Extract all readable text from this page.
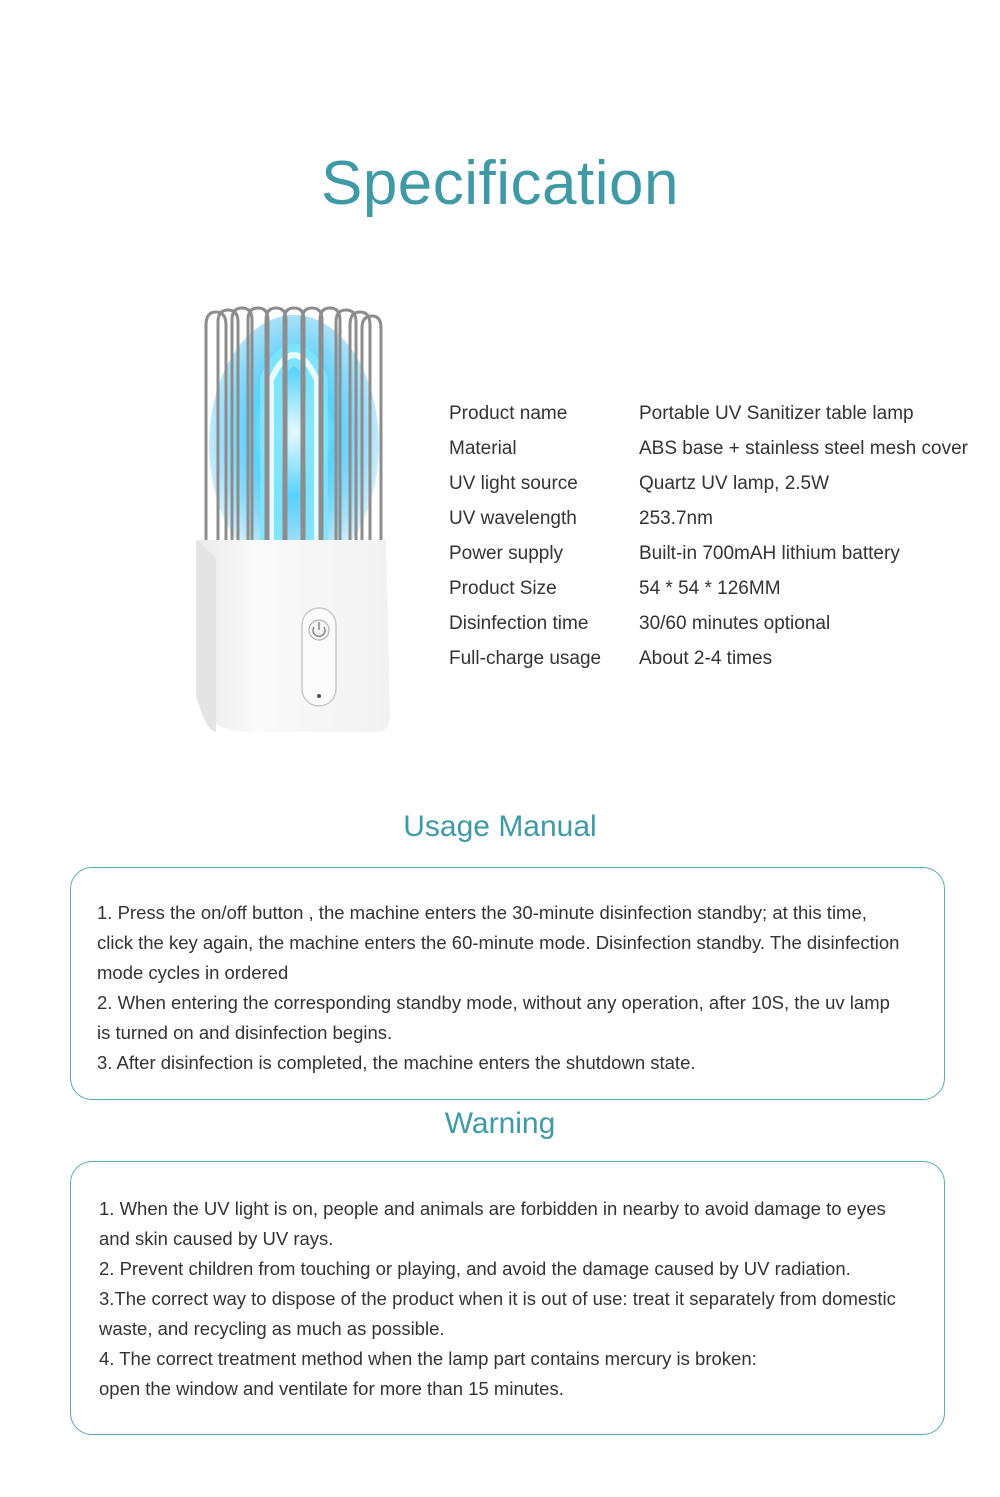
Specification
Product name	Portable UV Sanitizer table lamp
Material	ABS base + stainless steel mesh cover
UV light source	Quartz UV lamp, 2.5W
UV wavelength	253.7nm
Power supply	Built-in 700mAH lithium battery
Product Size	54 * 54 * 126MM
Disinfection time	30/60 minutes optional
Full-charge usage	About 2-4 times
Usage Manual

1. Press the on/off button , the machine enters the 30-minute disinfection standby; at this time,

click the key again, the machine enters the 60-minute mode. Disinfection standby. The disinfection

mode cycles in ordered

2. When entering the corresponding standby mode, without any operation, after 10S, the uv lamp

is turned on and disinfection begins.

3. After disinfection is completed, the machine enters the shutdown state.

Warning

1. When the UV light is on, people and animals are forbidden in nearby to avoid damage to eyes

and skin caused by UV rays.

2. Prevent children from touching or playing, and avoid the damage caused by UV radiation.

3.The correct way to dispose of the product when it is out of use: treat it separately from domestic

waste, and recycling as much as possible.

4. The correct treatment method when the lamp part contains mercury is broken:

open the window and ventilate for more than 15 minutes.
